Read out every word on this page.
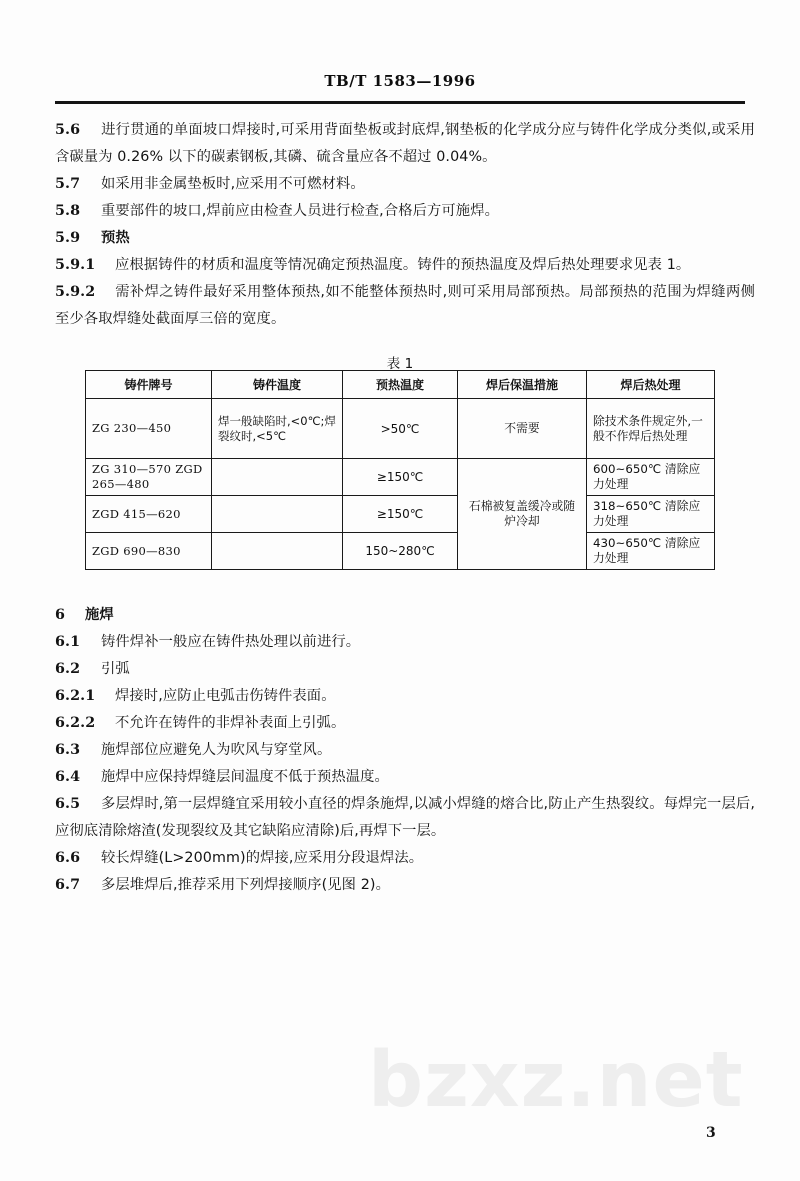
TB/T 1583—1996

5.6 进行贯通的单面坡口焊接时,可采用背面垫板或封底焊,钢垫板的化学成分应与铸件化学成分类似,或采用含碳量为 0.26% 以下的碳素钢板,其磷、硫含量应各不超过 0.04%。

5.7 如采用非金属垫板时,应采用不可燃材料。

5.8 重要部件的坡口,焊前应由检查人员进行检查,合格后方可施焊。

5.9 预热

5.9.1 应根据铸件的材质和温度等情况确定预热温度。铸件的预热温度及焊后热处理要求见表 1。

5.9.2 需补焊之铸件最好采用整体预热,如不能整体预热时,则可采用局部预热。局部预热的范围为焊缝两侧至少各取焊缝处截面厚三倍的宽度。

表 1
铸件牌号	铸件温度	预热温度	焊后保温措施	焊后热处理
ZG 230—450	焊一般缺陷时,<0℃;焊裂纹时,<5℃	>50℃	不需要	除技术条件规定外,一般不作焊后热处理
ZG 310—570 ZGD 265—480		≥150℃	石棉被复盖缓冷或随炉冷却	600~650℃ 清除应力处理
ZGD 415—620		≥150℃		318~650℃ 清除应力处理
ZGD 690—830		150~280℃		430~650℃ 清除应力处理

6 施焊

6.1 铸件焊补一般应在铸件热处理以前进行。

6.2 引弧

6.2.1 焊接时,应防止电弧击伤铸件表面。

6.2.2 不允许在铸件的非焊补表面上引弧。

6.3 施焊部位应避免人为吹风与穿堂风。

6.4 施焊中应保持焊缝层间温度不低于预热温度。

6.5 多层焊时,第一层焊缝宜采用较小直径的焊条施焊,以减小焊缝的熔合比,防止产生热裂纹。每焊完一层后,应彻底清除熔渣(发现裂纹及其它缺陷应清除)后,再焊下一层。

6.6 较长焊缝(L>200mm)的焊接,应采用分段退焊法。

6.7 多层堆焊后,推荐采用下列焊接顺序(见图 2)。

bzxz.net
3
